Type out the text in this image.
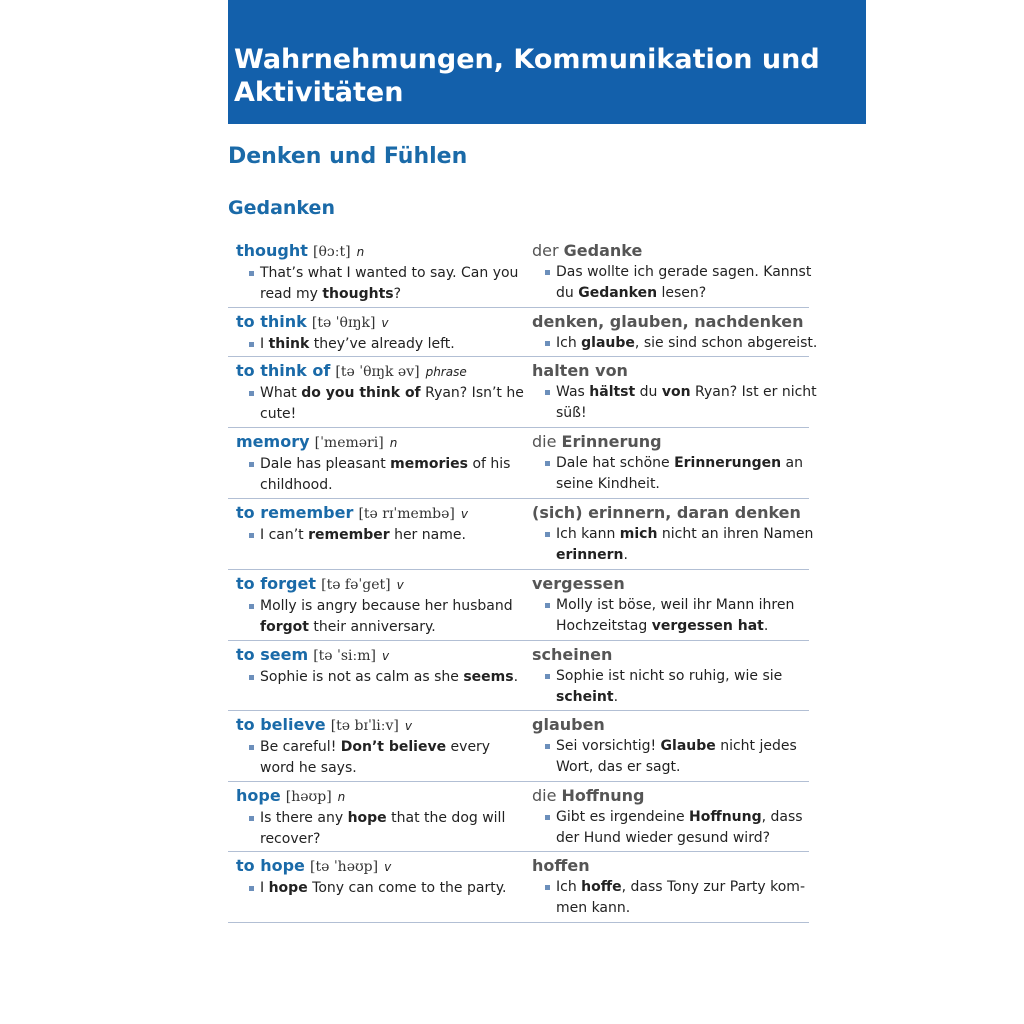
Wahrnehmungen, Kommunikation und
Aktivitäten
Denken und Fühlen
Gedanken
thought [θɔːt] n
That’s what I wanted to say. Can you
read my thoughts?
der Gedanke
Das wollte ich gerade sagen. Kannst
du Gedanken lesen?
to think [tə ˈθɪŋk] v
I think they’ve already left.
denken, glauben, nachdenken
Ich glaube, sie sind schon abgereist.
to think of [tə ˈθɪŋk əv] phrase
What do you think of Ryan? Isn’t he
cute!
halten von
Was hältst du von Ryan? Ist er nicht
süß!
memory [ˈmeməri] n
Dale has pleasant memories of his
childhood.
die Erinnerung
Dale hat schöne Erinnerungen an
seine Kindheit.
to remember [tə rɪˈmembə] v
I can’t remember her name.
(sich) erinnern, daran denken
Ich kann mich nicht an ihren Namen
erinnern.
to forget [tə fəˈget] v
Molly is angry because her husband
forgot their anniversary.
vergessen
Molly ist böse, weil ihr Mann ihren
Hochzeitstag vergessen hat.
to seem [tə ˈsiːm] v
Sophie is not as calm as she seems.
scheinen
Sophie ist nicht so ruhig, wie sie
scheint.
to believe [tə bɪˈliːv] v
Be careful! Don’t believe every
word he says.
glauben
Sei vorsichtig! Glaube nicht jedes
Wort, das er sagt.
hope [həʊp] n
Is there any hope that the dog will
recover?
die Hoffnung
Gibt es irgendeine Hoffnung, dass
der Hund wieder gesund wird?
to hope [tə ˈhəʊp] v
I hope Tony can come to the party.
hoffen
Ich hoffe, dass Tony zur Party kom-
men kann.
